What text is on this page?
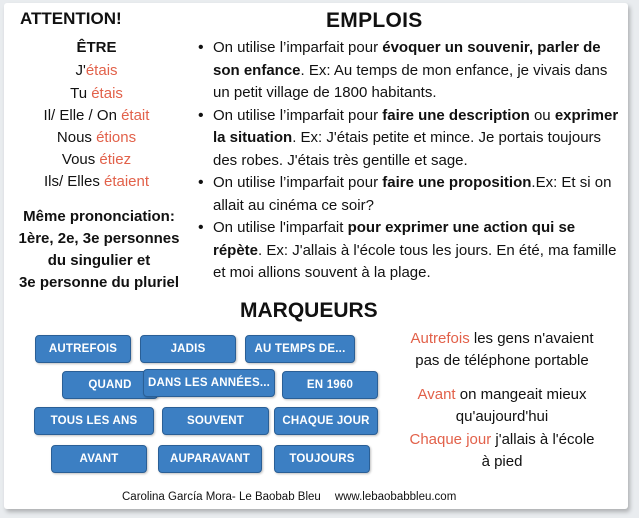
ATTENTION!
ÊTRE
J'étais
Tu étais
Il/ Elle / On était
Nous étions
Vous étiez
Ils/ Elles étaient
Même prononciation:
1ère, 2e, 3e personnes
du singulier et
3e personne du pluriel
EMPLOIS
• On utilise l’imparfait pour évoquer un souvenir, parler de son enfance. Ex: Au temps de mon enfance, je vivais dans un petit village de 1800 habitants.
• On utilise l’imparfait pour faire une description ou exprimer la situation. Ex: J'étais petite et mince. Je portais toujours des robes. J'étais très gentille et sage.
• On utilise l’imparfait pour faire une proposition.Ex: Et si on allait au cinéma ce soir?
• On utilise l'imparfait pour exprimer une action qui se répète. Ex: J'allais à l'école tous les jours. En été, ma famille et moi allions souvent à la plage.
MARQUEURS
AUTREFOIS	JADIS	AU TEMPS DE...
QUAND	DANS LES ANNÉES...	EN 1960
TOUS LES ANS	SOUVENT	CHAQUE JOUR
AVANT	AUPARAVANT	TOUJOURS
Autrefois les gens n'avaient
pas de téléphone portable
Avant on mangeait mieux
qu'aujourd'hui
Chaque jour j'allais à l'école
à pied
Carolina García Mora- Le Baobab Bleu www.lebaobabbleu.com
